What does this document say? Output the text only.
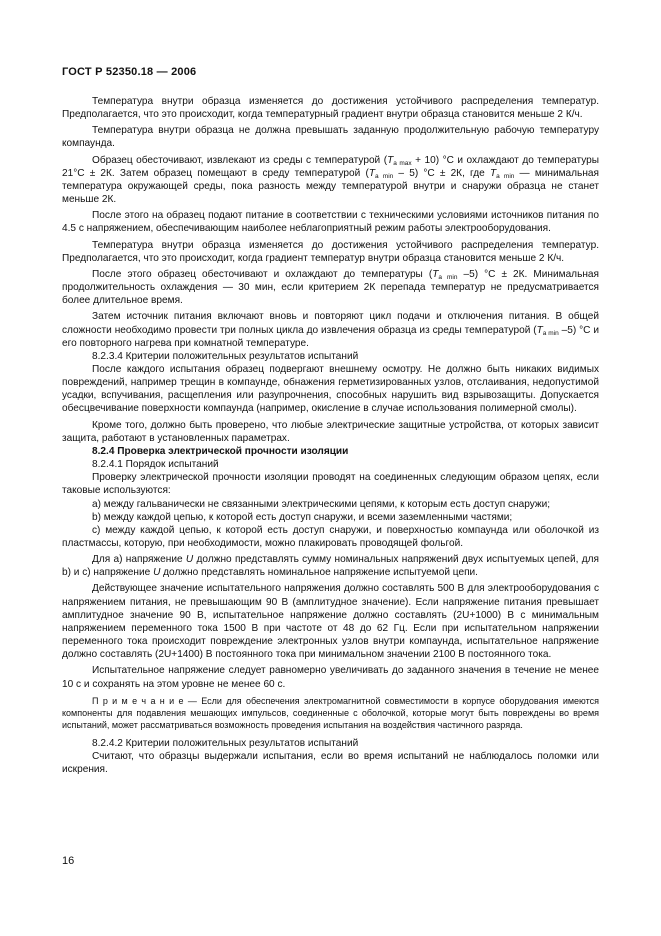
ГОСТ Р 52350.18 — 2006

Температура внутри образца изменяется до достижения устойчивого распределения температур. Предполагается, что это происходит, когда температурный градиент внутри образца становится меньше 2 К/ч.

Температура внутри образца не должна превышать заданную продолжительную рабочую температуру компаунда.

Образец обесточивают, извлекают из среды с температурой $(T_{a max} + 10)$ °С и охлаждают до температуры 21°С ± 2К. Затем образец помещают в среду температурой $(T_{a min} - 5) ^\circ С \pm 2К$, где $T_{a min}$ — минимальная температура окружающей среды, пока разность между температурой внутри и снаружи образца не станет меньше 2К.

После этого на образец подают питание в соответствии с техническими условиями источников питания по 4.5 с напряжением, обеспечивающим наиболее неблагоприятный режим работы электрооборудования.

Температура внутри образца изменяется до достижения устойчивого распределения температур. Предполагается, что это происходит, когда градиент температур внутри образца становится меньше 2 К/ч.

После этого образец обесточивают и охлаждают до температуры ($T_{a min}$ –5) °С ± 2К. Минимальная продолжительность охлаждения — 30 мин, если критерием 2К перепада температур не предусматривается более длительное время.

Затем источник питания включают вновь и повторяют цикл подачи и отключения питания. В общей сложности необходимо провести три полных цикла до извлечения образца из среды температурой ($T_{a min}$ –5) °С и его повторного нагрева при комнатной температуре.

8.2.3.4 Критерии положительных результатов испытаний

После каждого испытания образец подвергают внешнему осмотру. Не должно быть никаких видимых повреждений, например трещин в компаунде, обнажения герметизированных узлов, отслаивания, недопустимой усадки, вспучивания, расщепления или разупрочнения, способных нарушить вид взрывозащиты. Допускается обесцвечивание поверхности компаунда (например, окисление в случае использования полимерной смолы).

Кроме того, должно быть проверено, что любые электрические защитные устройства, от которых зависит защита, работают в установленных параметрах.

8.2.4 Проверка электрической прочности изоляции

8.2.4.1 Порядок испытаний

Проверку электрической прочности изоляции проводят на соединенных следующим образом цепях, если таковые используются:

а) между гальванически не связанными электрическими цепями, к которым есть доступ снаружи;

b) между каждой цепью, к которой есть доступ снаружи, и всеми заземленными частями;

с) между каждой цепью, к которой есть доступ снаружи, и поверхностью компаунда или оболочкой из пластмассы, которую, при необходимости, можно плакировать проводящей фольгой.

Для а) напряжение U должно представлять сумму номинальных напряжений двух испытуемых цепей, для b) и с) напряжение U должно представлять номинальное напряжение испытуемой цепи.

Действующее значение испытательного напряжения должно составлять 500 В для электрооборудования с напряжением питания, не превышающим 90 В (амплитудное значение). Если напряжение питания превышает амплитудное значение 90 В, испытательное напряжение должно составлять (2U+1000) В с минимальным напряжением переменного тока 1500 В при частоте от 48 до 62 Гц. Если при испытательном напряжении переменного тока происходит повреждение электронных узлов внутри компаунда, испытательное напряжение должно составлять (2U+1400) В постоянного тока при минимальном значении 2100 В постоянного тока.

Испытательное напряжение следует равномерно увеличивать до заданного значения в течение не менее 10 с и сохранять на этом уровне не менее 60 с.

П р и м е ч а н и е — Если для обеспечения электромагнитной совместимости в корпусе оборудования имеются компоненты для подавления мешающих импульсов, соединенные с оболочкой, которые могут быть повреждены во время испытаний, может рассматриваться возможность проведения испытания на воздействия частичного разряда.

8.2.4.2 Критерии положительных результатов испытаний

Считают, что образцы выдержали испытания, если во время испытаний не наблюдалось поломки или искрения.

16
